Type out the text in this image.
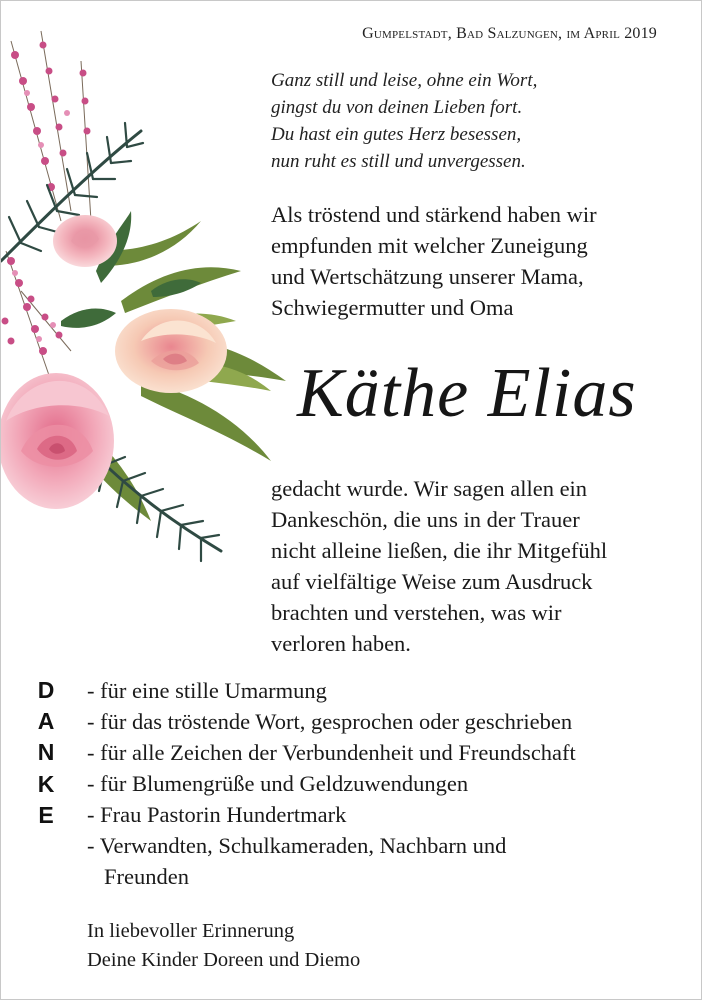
Gumpelstadt, Bad Salzungen, im April 2019
Ganz still und leise, ohne ein Wort,
gingst du von deinen Lieben fort.
Du hast ein gutes Herz besessen,
nun ruht es still und unvergessen.
Als tröstend und stärkend haben wir
empfunden mit welcher Zuneigung
und Wertschätzung unserer Mama,
Schwiegermutter und Oma
Käthe Elias
gedacht wurde. Wir sagen allen ein
Dankeschön, die uns in der Trauer
nicht alleine ließen, die ihr Mitgefühl
auf vielfältige Weise zum Ausdruck
brachten und verstehen, was wir
verloren haben.
D
A
N
K
E
- für eine stille Umarmung
- für das tröstende Wort, gesprochen oder geschrieben
- für alle Zeichen der Verbundenheit und Freundschaft
- für Blumengrüße und Geldzuwendungen
- Frau Pastorin Hundertmark
- Verwandten, Schulkameraden, Nachbarn und
Freunden
In liebevoller Erinnerung
Deine Kinder Doreen und Diemo
